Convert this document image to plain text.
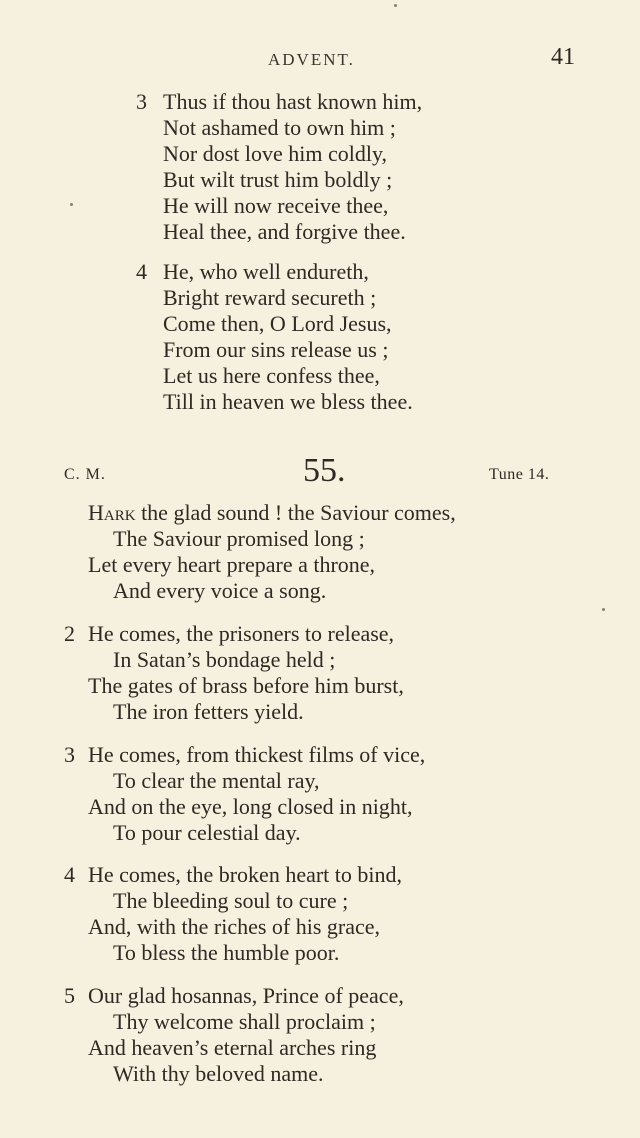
ADVENT.	41
3 Thus if thou hast known him,
Not ashamed to own him ;
Nor dost love him coldly,
But wilt trust him boldly ;
He will now receive thee,
Heal thee, and forgive thee.
4 He, who well endureth,
Bright reward secureth ;
Come then, O Lord Jesus,
From our sins release us ;
Let us here confess thee,
Till in heaven we bless thee.
C. M.	55.	Tune 14.
Hark the glad sound ! the Saviour comes,
The Saviour promised long ;
Let every heart prepare a throne,
And every voice a song.
2 He comes, the prisoners to release,
In Satan’s bondage held ;
The gates of brass before him burst,
The iron fetters yield.
3 He comes, from thickest films of vice,
To clear the mental ray,
And on the eye, long closed in night,
To pour celestial day.
4 He comes, the broken heart to bind,
The bleeding soul to cure ;
And, with the riches of his grace,
To bless the humble poor.
5 Our glad hosannas, Prince of peace,
Thy welcome shall proclaim ;
And heaven’s eternal arches ring
With thy beloved name.
